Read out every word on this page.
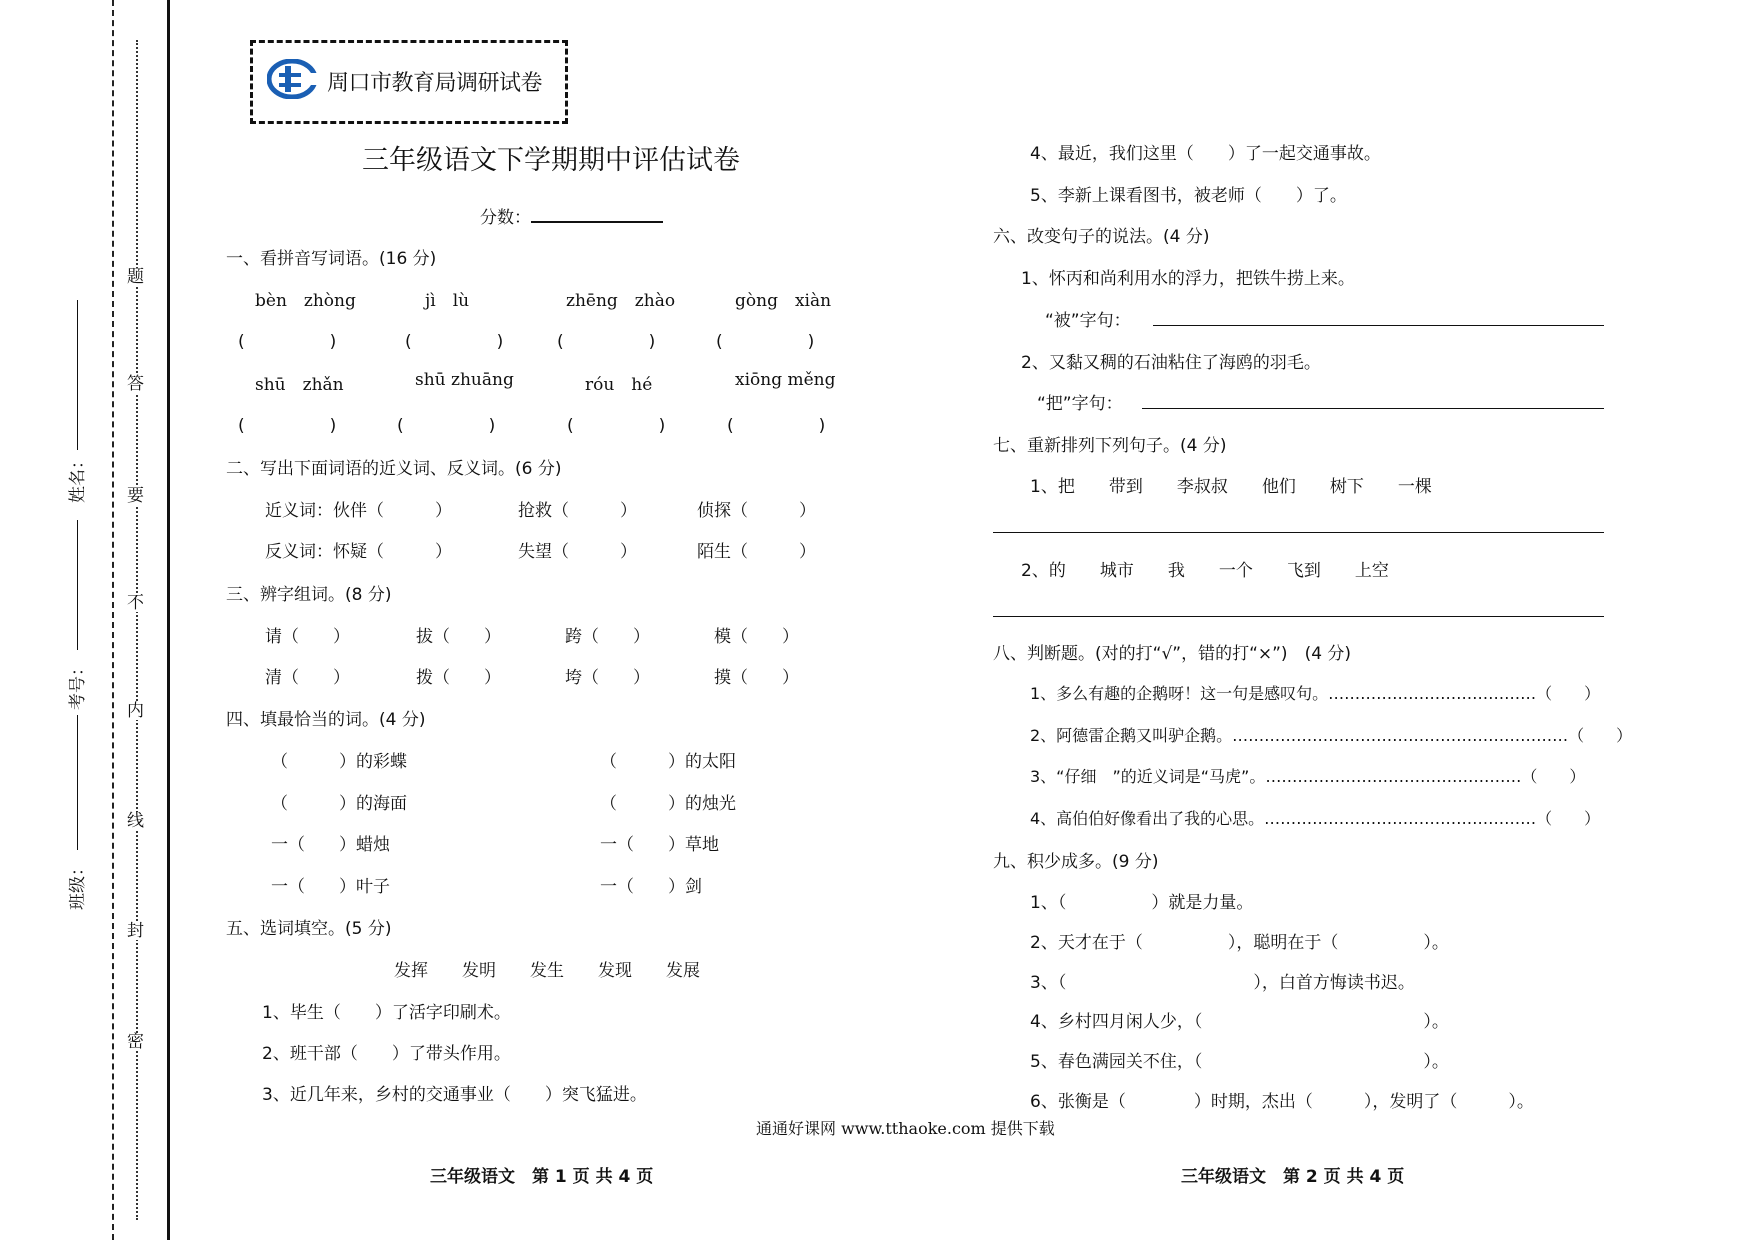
姓名：
考号：
班级：
题
答
要
不
内
线
封
密
周口市教育局调研试卷
三年级语文下学期期中评估试卷
分数：
一、看拼音写词语。(16 分)
bèn　zhòng	jì　lù	zhēng　zhào	gòng　xiàn
(　　　　　)	(　　　　　)	(　　　　　)	(　　　　　)
shū　zhǎn	shū zhuāng	róu　hé	xiōng měng
(　　　　　)	(　　　　　)	(　　　　　)	(　　　　　)
二、写出下面词语的近义词、反义词。(6 分)
近义词：伙伴（　　　）	抢救（　　　）	侦探（　　　）
反义词：怀疑（　　　）	失望（　　　）	陌生（　　　）
三、辨字组词。(8 分)
请（　　）	拔（　　）	跨（　　）	模（　　）
清（　　）	拨（　　）	垮（　　）	摸（　　）
四、填最恰当的词。(4 分)
（　　　）的彩蝶	（　　　）的太阳
（　　　）的海面	（　　　）的烛光
一（　　）蜡烛	一（　　）草地
一（　　）叶子	一（　　）剑
五、选词填空。(5 分)
发挥　　发明　　发生　　发现　　发展
1、毕生（　　）了活字印刷术。
2、班干部（　　）了带头作用。
3、近几年来，乡村的交通事业（　　）突飞猛进。
4、最近，我们这里（　　）了一起交通事故。
5、李新上课看图书，被老师（　　）了。
六、改变句子的说法。(4 分)
1、怀丙和尚利用水的浮力，把铁牛捞上来。
“被”字句：
2、又黏又稠的石油粘住了海鸥的羽毛。
“把”字句：
七、重新排列下列句子。(4 分)
1、把　　带到　　李叔叔　　他们　　树下　　一棵
2、的　　城市　　我　　一个　　飞到　　上空
八、判断题。(对的打“√”，错的打“×”)　(4 分)
1、多么有趣的企鹅呀！这一句是感叹句。…………………………………（　　）
2、阿德雷企鹅又叫驴企鹅。………………………………………………………（　　）
3、“仔细　”的近义词是“马虎”。…………………………………………（　　）
4、高伯伯好像看出了我的心思。……………………………………………（　　）
九、积少成多。(9 分)
1、（　　　　　）就是力量。
2、天才在于（　　　　　），聪明在于（　　　　　）。
3、（　　　　　　　　　　　），白首方悔读书迟。
4、乡村四月闲人少，（　　　　　　　　　　　　　）。
5、春色满园关不住，（　　　　　　　　　　　　　）。
6、张衡是（　　　　）时期，杰出（　　　），发明了（　　　）。
通通好课网 www.tthaoke.com 提供下载
三年级语文　第 1 页 共 4 页	三年级语文　第 2 页 共 4 页
